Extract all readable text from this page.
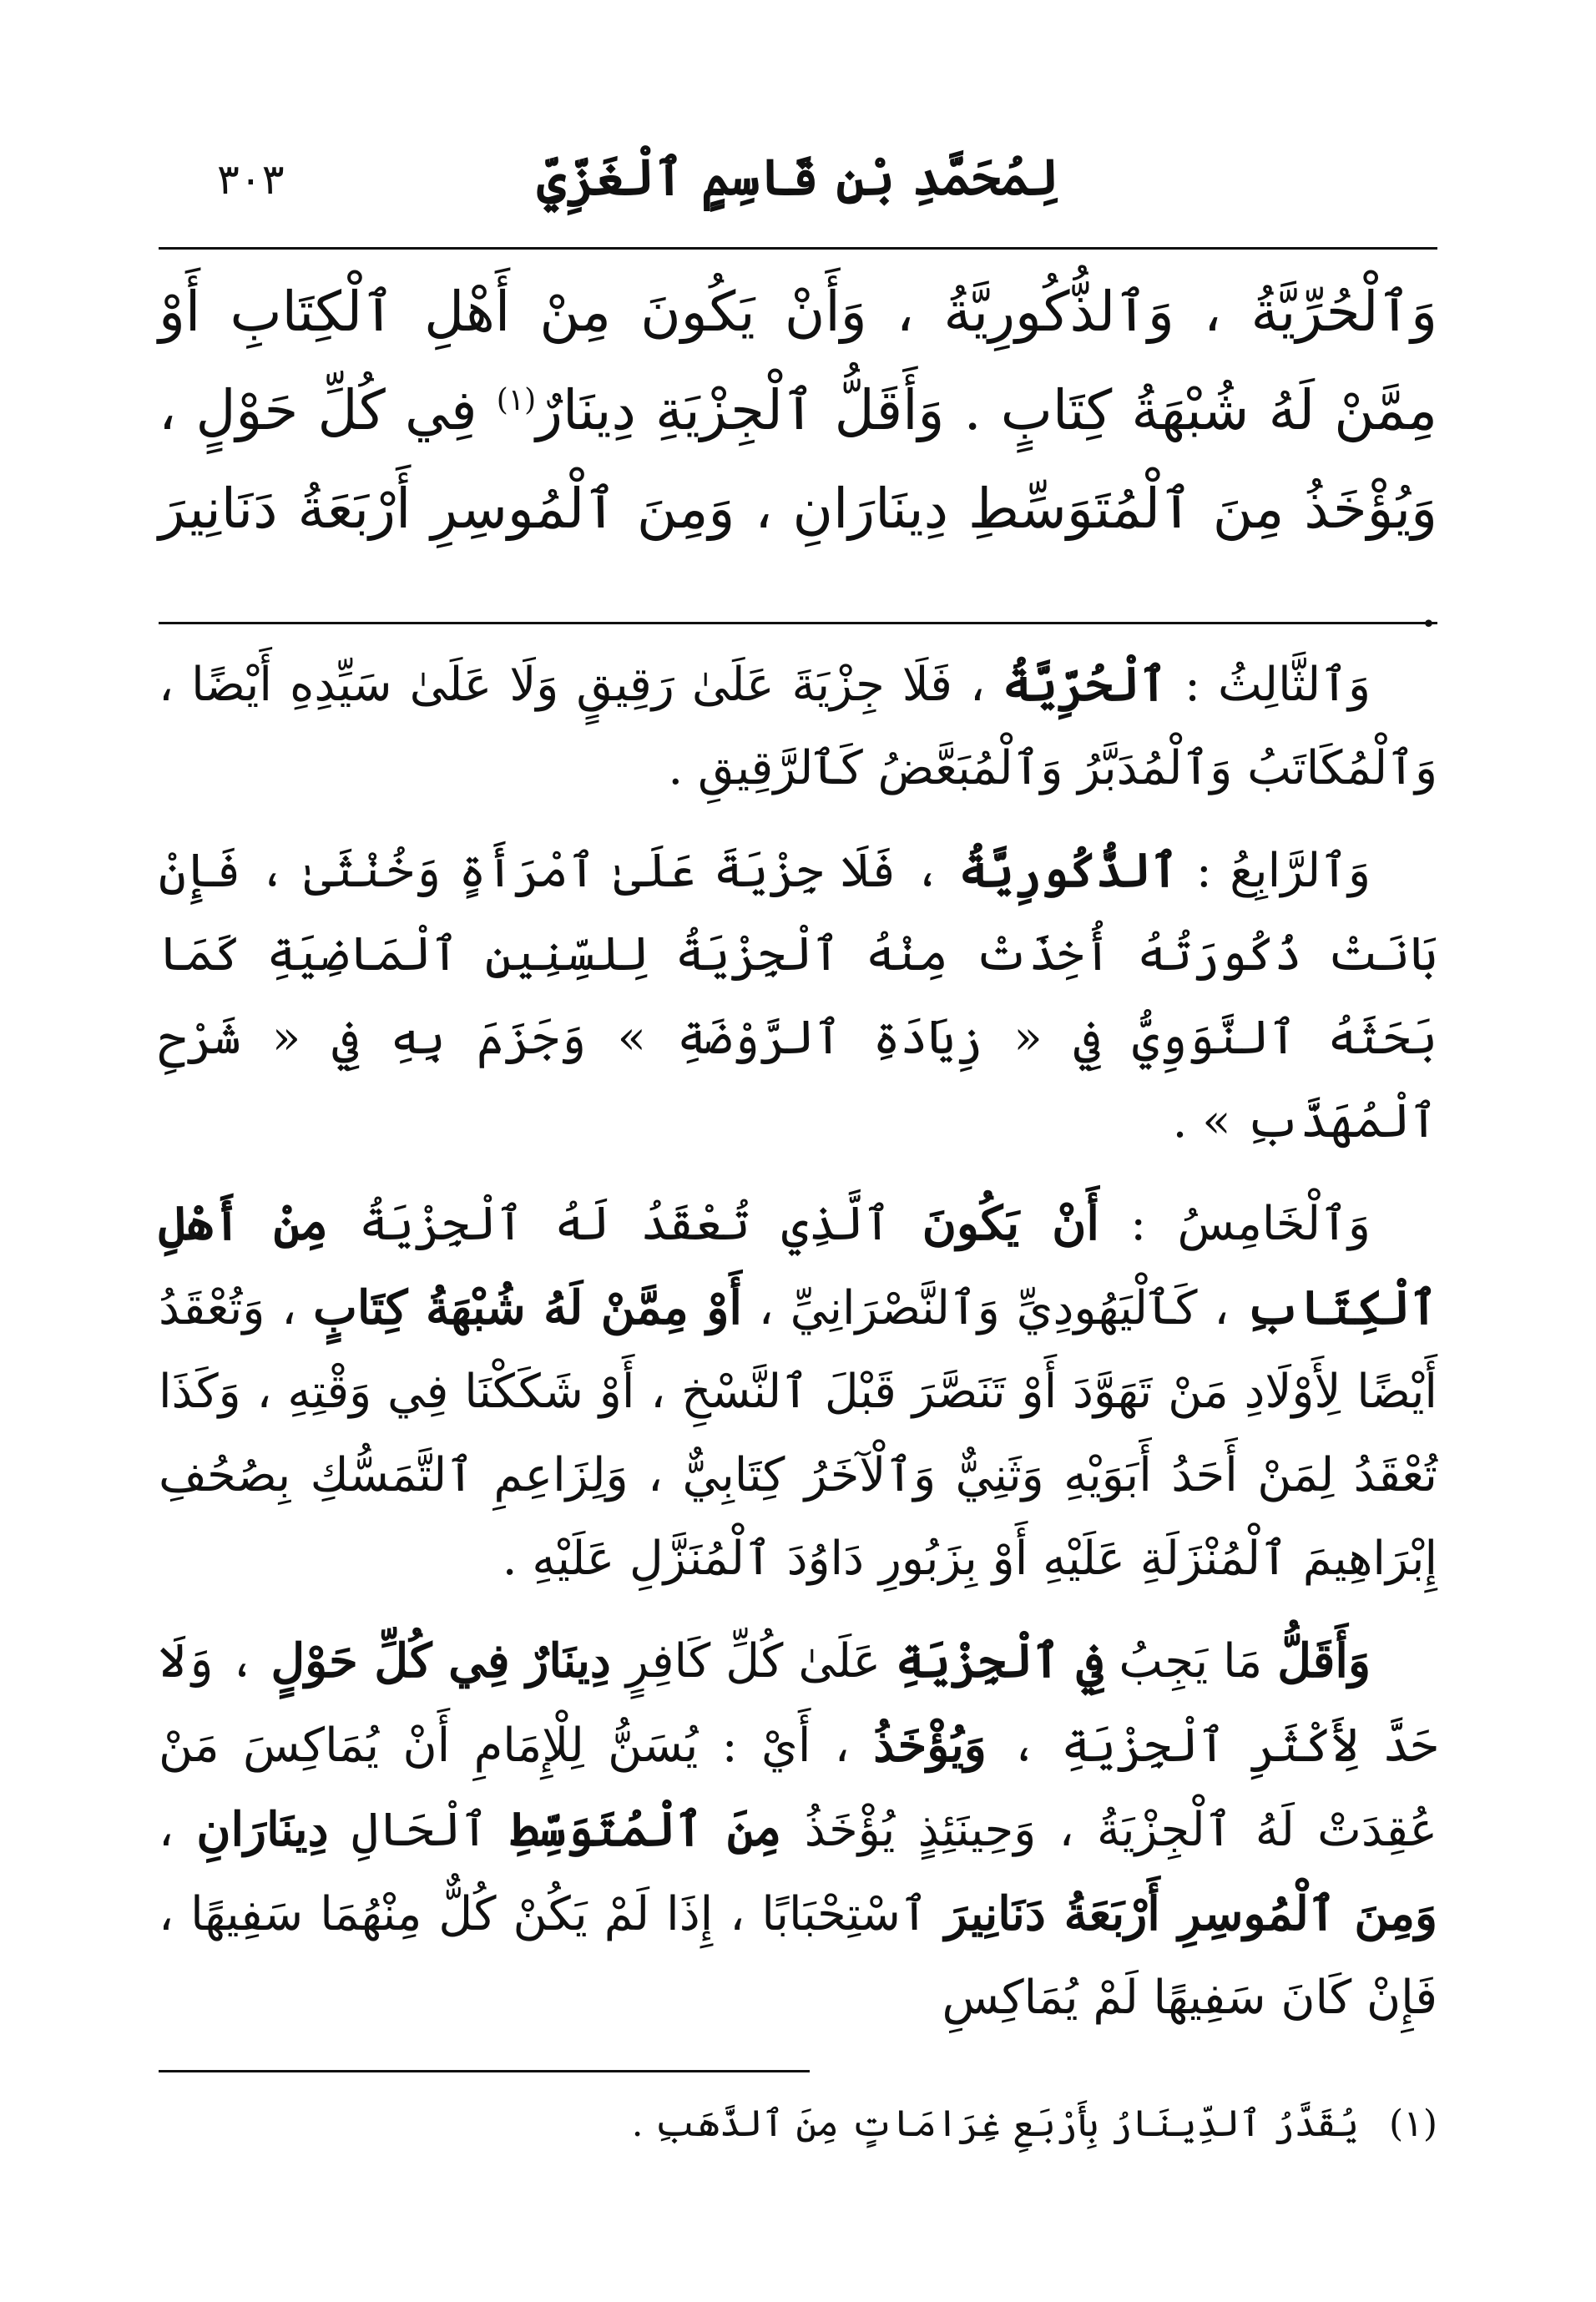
لِمُحَمَّدِ بْنِ قَاسِمٍ ٱلْغَزِّيِّ
٣٠٣
وَٱلْحُرِّيَّةُ ، وَٱلذُّكُورِيَّةُ ، وَأَنْ يَكُونَ مِنْ أَهْلِ ٱلْكِتَابِ أَوْ مِمَّنْ لَهُ شُبْهَةُ كِتَابٍ . وَأَقَلُّ ٱلْجِزْيَةِ دِينَارٌ$^{(١)}$ فِي كُلِّ حَوْلٍ ، وَيُؤْخَذُ مِنَ ٱلْمُتَوَسِّطِ دِينَارَانِ ، وَمِنَ ٱلْمُوسِرِ أَرْبَعَةُ دَنَانِيرَ .

وَٱلثَّالِثُ : ٱلْحُرِّيَّةُ ، فَلَا جِزْيَةَ عَلَىٰ رَقِيقٍ وَلَا عَلَىٰ سَيِّدِهِ أَيْضًا ، وَٱلْمُكَاتَبُ وَٱلْمُدَبَّرُ وَٱلْمُبَعَّضُ كَٱلرَّقِيقِ .

وَٱلرَّابِعُ : ٱلذُّكُورِيَّةُ ، فَلَا جِزْيَةَ عَلَىٰ ٱمْرَأَةٍ وَخُنْثَىٰ ، فَإِنْ بَانَتْ ذُكُورَتُهُ أُخِذَتْ مِنْهُ ٱلْجِزْيَةُ لِلسِّنِينِ ٱلْمَاضِيَةِ كَمَا بَحَثَهُ ٱلنَّوَوِيُّ فِي « زِيَادَةِ ٱلرَّوْضَةِ » وَجَزَمَ بِهِ فِي « شَرْحِ ٱلْمُهَذَّبِ » .

وَٱلْخَامِسُ : أَنْ يَكُونَ ٱلَّذِي تُعْقَدُ لَهُ ٱلْجِزْيَةُ مِنْ أَهْلِ ٱلْكِتَابِ ، كَٱلْيَهُودِيِّ وَٱلنَّصْرَانِيِّ ، أَوْ مِمَّنْ لَهُ شُبْهَةُ كِتَابٍ ، وَتُعْقَدُ أَيْضًا لِأَوْلَادِ مَنْ تَهَوَّدَ أَوْ تَنَصَّرَ قَبْلَ ٱلنَّسْخِ ، أَوْ شَكَكْنَا فِي وَقْتِهِ ، وَكَذَا تُعْقَدُ لِمَنْ أَحَدُ أَبَوَيْهِ وَثَنِيٌّ وَٱلْآخَرُ كِتَابِيٌّ ، وَلِزَاعِمِ ٱلتَّمَسُّكِ بِصُحُفِ إِبْرَاهِيمَ ٱلْمُنْزَلَةِ عَلَيْهِ أَوْ بِزَبُورِ دَاوُدَ ٱلْمُنَزَّلِ عَلَيْهِ .

وَأَقَلُّ مَا يَجِبُ فِي ٱلْجِزْيَةِ عَلَىٰ كُلِّ كَافِرٍ دِينَارٌ فِي كُلِّ حَوْلٍ ، وَلَا حَدَّ لِأَكْثَرِ ٱلْجِزْيَةِ ، وَيُؤْخَذُ ، أَيْ : يُسَنُّ لِلْإِمَامِ أَنْ يُمَاكِسَ مَنْ عُقِدَتْ لَهُ ٱلْجِزْيَةُ ، وَحِينَئِذٍ يُؤْخَذُ مِنَ ٱلْمُتَوَسِّطِ ٱلْحَالِ دِينَارَانِ ، وَمِنَ ٱلْمُوسِرِ أَرْبَعَةُ دَنَانِيرَ ٱسْتِحْبَابًا ، إِذَا لَمْ يَكُنْ كُلٌّ مِنْهُمَا سَفِيهًا ، فَإِنْ كَانَ سَفِيهًا لَمْ يُمَاكِسِ

(١)يُقَدَّرُ ٱلدِّينَارُ بِأَرْبَعِ غِرَامَاتٍ مِنَ ٱلذَّهَبِ .
